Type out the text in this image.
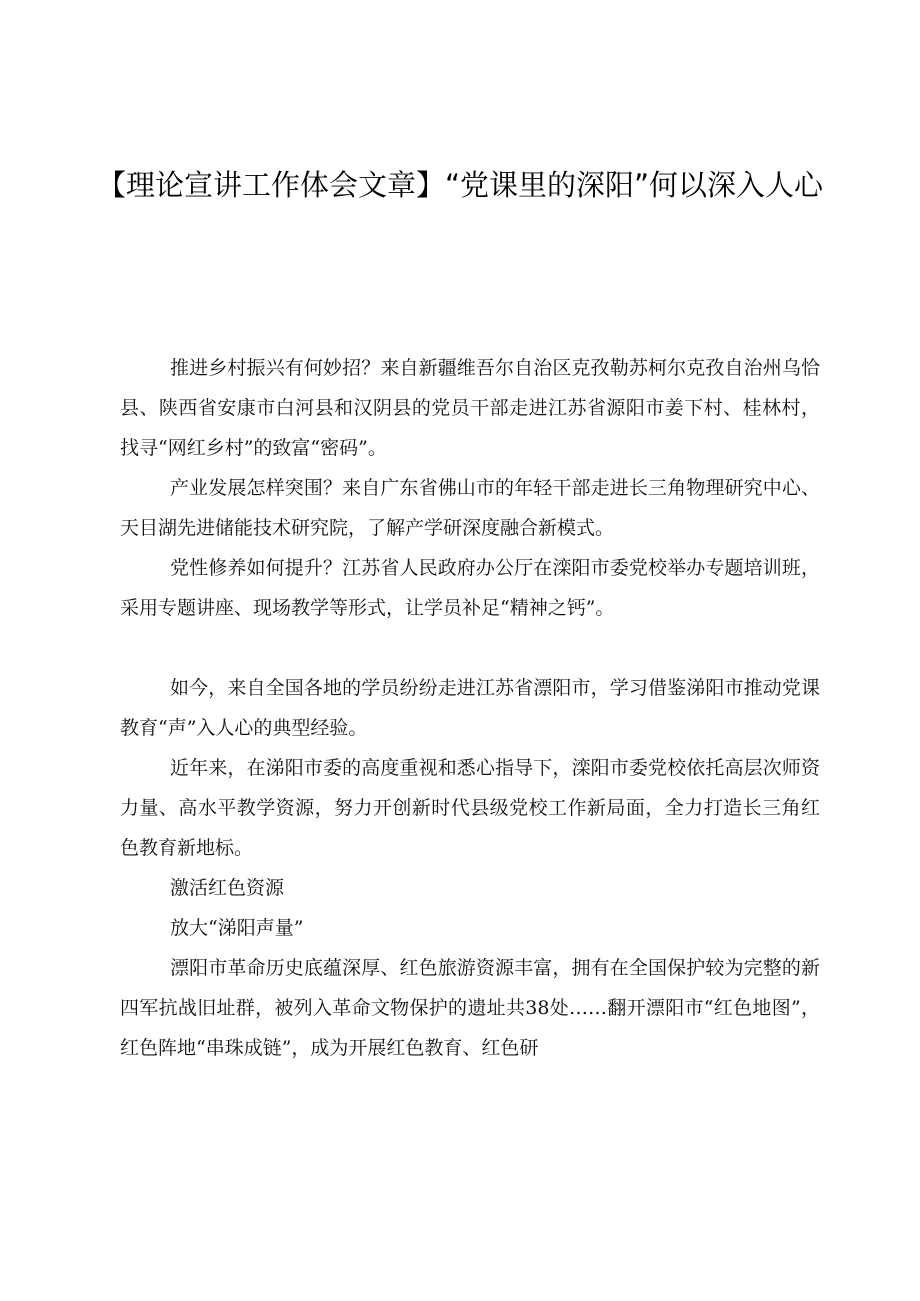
【理论宣讲工作体会文章】“党课里的深阳”何以深入人心

推进乡村振兴有何妙招？来自新疆维吾尔自治区克孜勒苏柯尔克孜自治州乌恰县、陕西省安康市白河县和汉阴县的党员干部走进江苏省源阳市姜下村、桂林村，找寻“网红乡村”的致富“密码”。

产业发展怎样突围？来自广东省佛山市的年轻干部走进长三角物理研究中心、天目湖先进储能技术研究院，了解产学研深度融合新模式。

党性修养如何提升？江苏省人民政府办公厅在滦阳市委党校举办专题培训班，采用专题讲座、现场教学等形式，让学员补足“精神之钙”。

如今，来自全国各地的学员纷纷走进江苏省漂阳市，学习借鉴涕阳市推动党课教育“声”入人心的典型经验。

近年来，在涕阳市委的高度重视和悉心指导下，滦阳市委党校依托高层次师资力量、高水平教学资源，努力开创新时代县级党校工作新局面，全力打造长三角红色教育新地标。

激活红色资源

放大“涕阳声量”

漂阳市革命历史底蕴深厚、红色旅游资源丰富，拥有在全国保护较为完整的新四军抗战旧址群，被列入革命文物保护的遗址共38处……翻开漂阳市“红色地图”，红色阵地“串珠成链”，成为开展红色教育、红色研
